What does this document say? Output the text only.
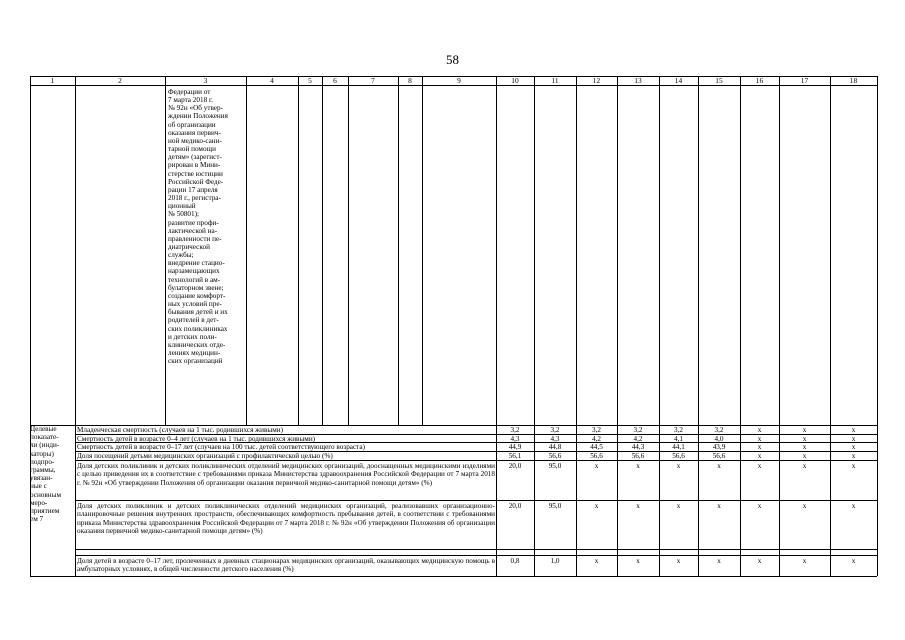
58
1	2	3	4	5	6	7	8	9	10	11	12	13	14	15	16	17	18
Федерации от
7 марта 2018 г.
№ 92н «Об утвер-
ждении Положения
об организации
оказания первич-
ной медико-сани-
тарной помощи
детям» (зарегист-
рирован в Мини-
стерстве юстиции
Российской Феде-
рации 17 апреля
2018 г., регистра-
ционный
№ 50801);
развитие профи-
лактической на-
правленности пе-
диатрической
службы;
внедрение стацио-
нарзамещающих
технологий в ам-
булаторном звене;
создание комфорт-
ных условий пре-
бывания детей и их
родителей в дет-
ских поликлиниках
и детских поли-
клинических отде-
лениях медицин-
ских организаций
Целевые
показате-
ли (инди-
каторы)
подпро-
граммы,
увязан-
ные с
основным
меро-
приятием
ем 7
Младенческая смертность (случаев на 1 тыс. родившихся живыми)	3,2	3,2	3,2	3,2	3,2	3,2	х	х	х
Смертность детей в возрасте 0–4 лет (случаев на 1 тыс. родившихся живыми)	4,3	4,3	4,2	4,2	4,1	4,0	х	х	х
Смертность детей в возрасте 0–17 лет (случаев на 100 тыс. детей соответствующего возраста)	44,9	44,8	44,5	44,3	44,1	43,9	х	х	х
Доля посещений детьми медицинских организаций с профилактической целью (%)	56,1	56,6	56,6	56,6	56,6	56,6	х	х	х
Доля детских поликлиник и детских поликлинических отделений медицинских организаций, дооснащенных медицинскими изделиями с целью приведения их в соответствие с требованиями приказа Министерства здравоохранения Российской Федерации от 7 марта 2018 г. № 92н «Об утверждении Положения об организации оказания первичной медико-санитарной помощи детям» (%)
20,0	95,0	х	х	х	х	х	х	х
Доля детских поликлиник и детских поликлинических отделений медицинских организаций, реализовавших организационно-планировочные решения внутренних пространств, обеспечивающих комфортность пребывания детей, в соответствии с требованиями приказа Министерства здравоохранения Российской Федерации от 7 марта 2018 г. № 92н «Об утверждении Положения об организации оказания первичной медико-санитарной помощи детям» (%)
20,0	95,0	х	х	х	х	х	х	х
Доля детей в возрасте 0–17 лет, пролеченных в дневных стационарах медицинских организаций, оказывающих медицинскую помощь в амбулаторных условиях, в общей численности детского населения (%)
0,8	1,0	х	х	х	х	х	х	х
